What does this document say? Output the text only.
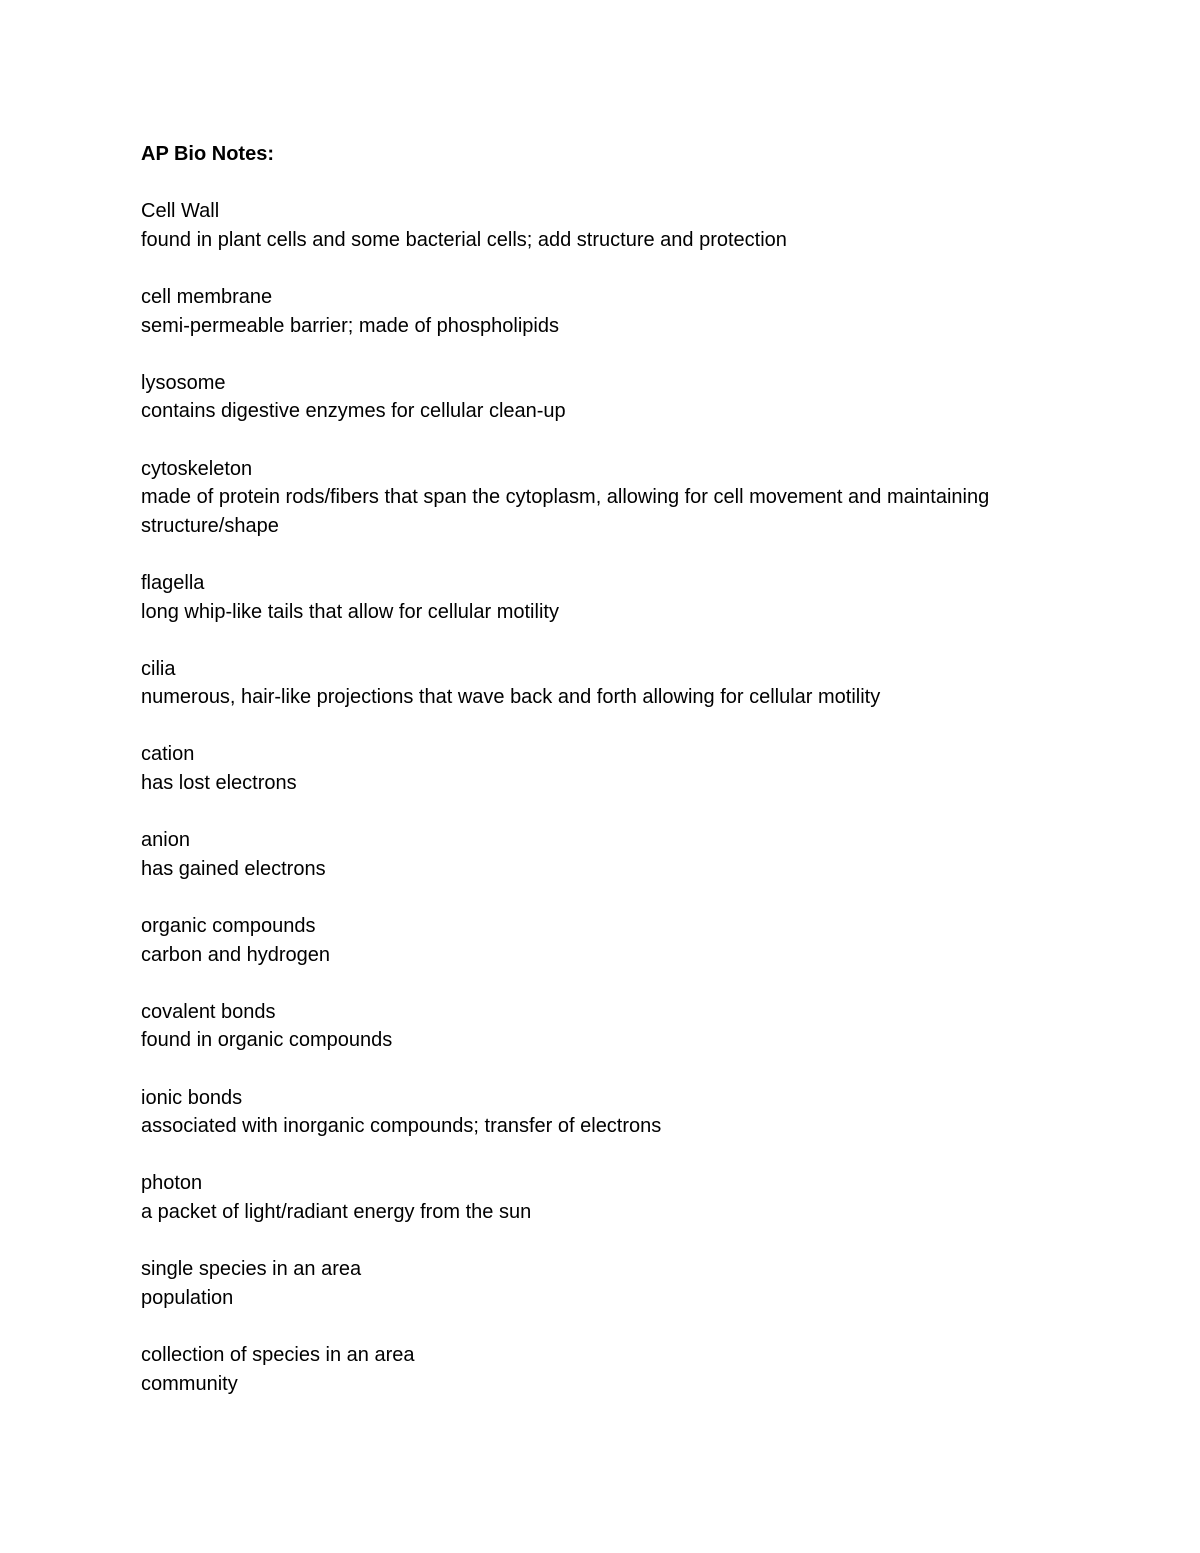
AP Bio Notes:

Cell Wall
found in plant cells and some bacterial cells; add structure and protection
cell membrane
semi-permeable barrier; made of phospholipids
lysosome
contains digestive enzymes for cellular clean-up
cytoskeleton
made of protein rods/fibers that span the cytoplasm, allowing for cell movement and maintaining structure/shape
flagella
long whip-like tails that allow for cellular motility
cilia
numerous, hair-like projections that wave back and forth allowing for cellular motility
cation
has lost electrons
anion
has gained electrons
organic compounds
carbon and hydrogen
covalent bonds
found in organic compounds
ionic bonds
associated with inorganic compounds; transfer of electrons
photon
a packet of light/radiant energy from the sun
single species in an area
population
collection of species in an area
community
